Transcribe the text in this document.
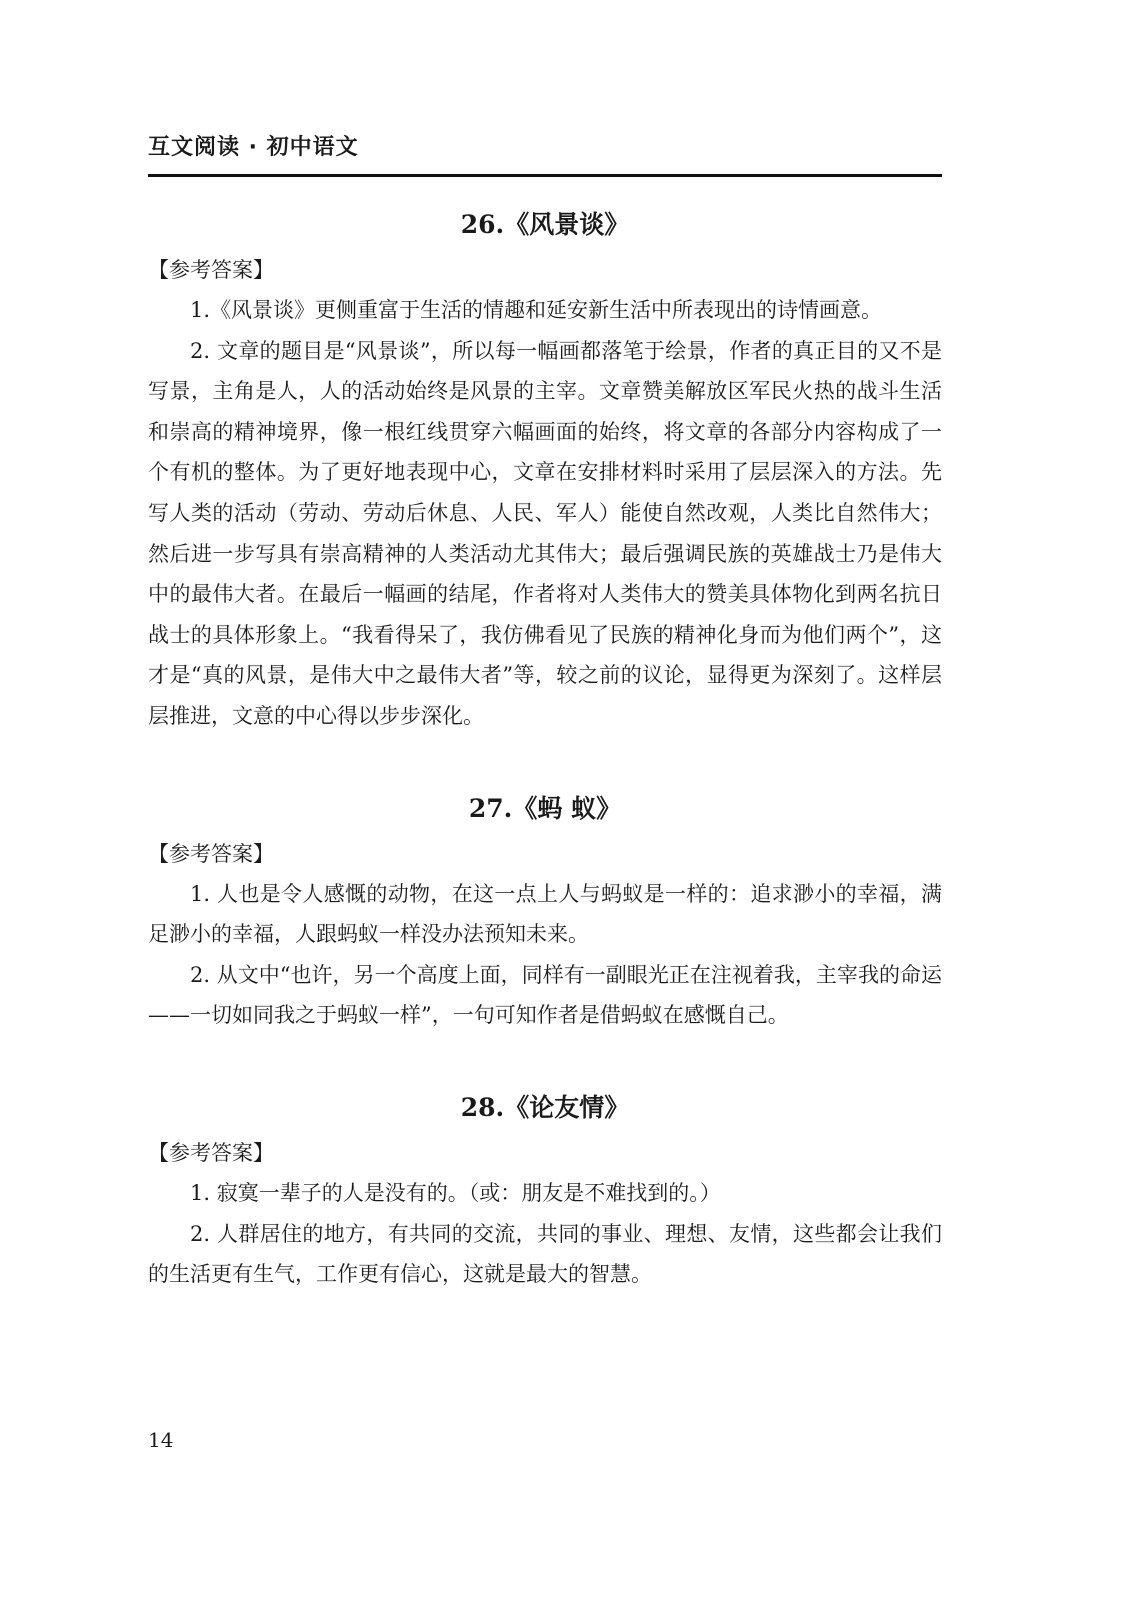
互文阅读 · 初中语文
26.《风景谈》
【参考答案】

1.《风景谈》更侧重富于生活的情趣和延安新生活中所表现出的诗情画意。

2. 文章的题目是“风景谈”，所以每一幅画都落笔于绘景，作者的真正目的又不是写景，主角是人，人的活动始终是风景的主宰。文章赞美解放区军民火热的战斗生活和崇高的精神境界，像一根红线贯穿六幅画面的始终，将文章的各部分内容构成了一个有机的整体。为了更好地表现中心，文章在安排材料时采用了层层深入的方法。先写人类的活动（劳动、劳动后休息、人民、军人）能使自然改观，人类比自然伟大；然后进一步写具有崇高精神的人类活动尤其伟大；最后强调民族的英雄战士乃是伟大中的最伟大者。在最后一幅画的结尾，作者将对人类伟大的赞美具体物化到两名抗日战士的具体形象上。“我看得呆了，我仿佛看见了民族的精神化身而为他们两个”，这才是“真的风景，是伟大中之最伟大者”等，较之前的议论，显得更为深刻了。这样层层推进，文意的中心得以步步深化。

27.《蚂 蚁》
【参考答案】

1. 人也是令人感慨的动物，在这一点上人与蚂蚁是一样的：追求渺小的幸福，满足渺小的幸福，人跟蚂蚁一样没办法预知未来。

2. 从文中“也许，另一个高度上面，同样有一副眼光正在注视着我，主宰我的命运——一切如同我之于蚂蚁一样”，一句可知作者是借蚂蚁在感慨自己。

28.《论友情》
【参考答案】

1. 寂寞一辈子的人是没有的。（或：朋友是不难找到的。）

2. 人群居住的地方，有共同的交流，共同的事业、理想、友情，这些都会让我们的生活更有生气，工作更有信心，这就是最大的智慧。

14
